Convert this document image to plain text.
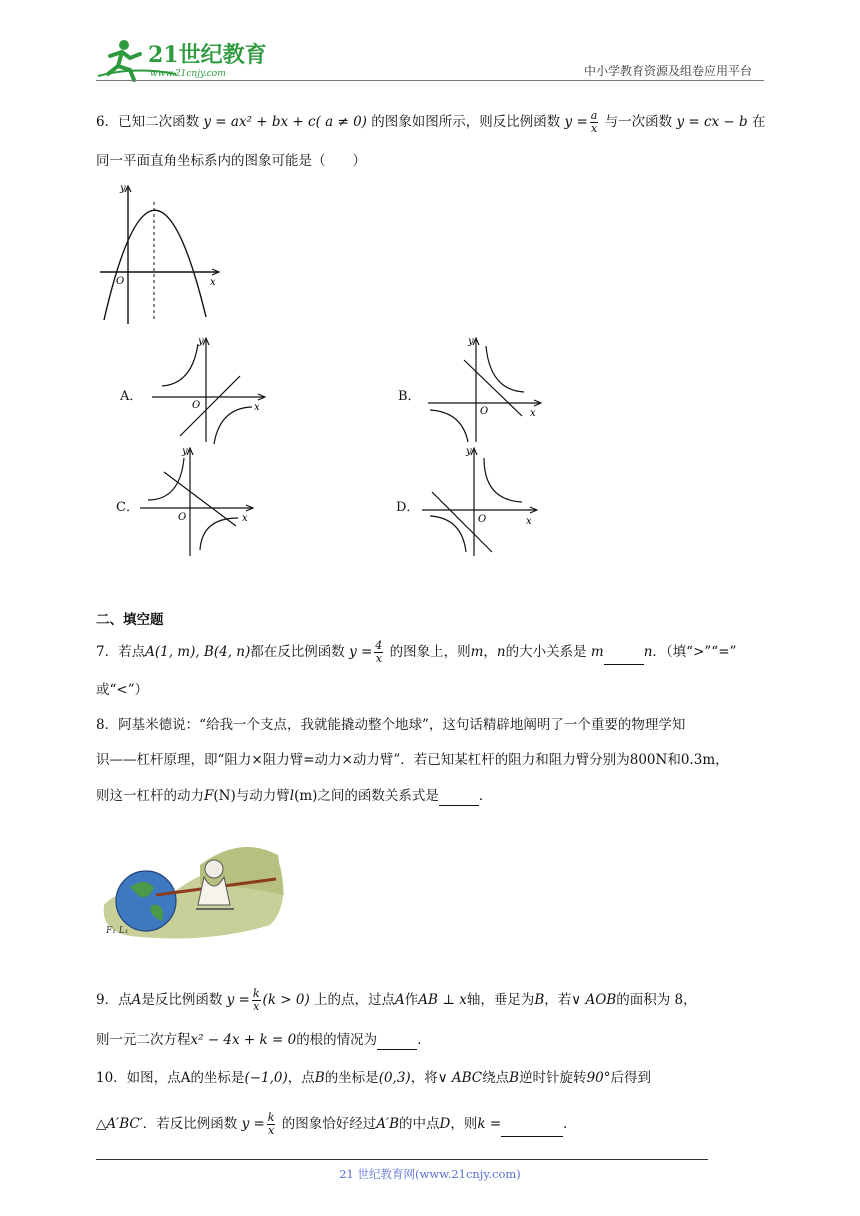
21世纪教育
www.21cnjy.com	中小学教育资源及组卷应用平台
6．已知二次函数 y = ax² + bx + c( a ≠ 0) 的图象如图所示，则反比例函数 $y = \frac{a}{x}$ 与一次函数 y = cx − b 在
同一平面直角坐标系内的图象可能是（　　）
y
x
O
A．
y
x
O
B．
y
x
O
C．
y
x
O
D．
y
x
O
二、填空题
7．若点A(1, m), B(4, n)都在反比例函数 $y = \frac{4}{x}$ 的图象上，则m，n的大小关系是 m	n．（填“>”“=”
或“<”）
8．阿基米德说：“给我一个支点，我就能撬动整个地球”，这句话精辟地阐明了一个重要的物理学知
识——杠杆原理，即“阻力×阻力臂=动力×动力臂”．若已知某杠杆的阻力和阻力臂分别为800N和0.3m，
则这一杠杆的动力F(N)与动力臂l(m)之间的函数关系式是	．
F₁ L₁
9．点A是反比例函数 $y = \frac{k}{x} (k > 0)$ 上的点，过点A作AB ⊥ x轴，垂足为B，若∨ AOB的面积为 8，
则一元二次方程x² − 4x + k = 0的根的情况为	．
10．如图，点A的坐标是(−1,0)，点B的坐标是(0,3)，将∨ ABC绕点B逆时针旋转90°后得到
△A′BC′．若反比例函数 $y = \frac{k}{x}$ 的图象恰好经过A′B的中点D，则k =	．
21 世纪教育网(www.21cnjy.com)
